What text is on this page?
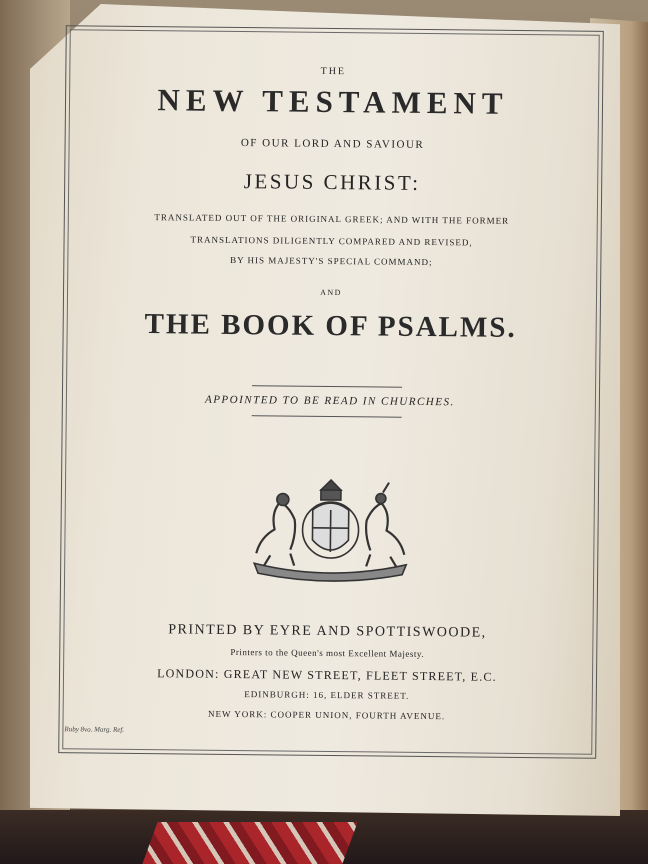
THE
NEW TESTAMENT
OF OUR LORD AND SAVIOUR
JESUS CHRIST:
TRANSLATED OUT OF THE ORIGINAL GREEK; AND WITH THE FORMER
TRANSLATIONS DILIGENTLY COMPARED AND REVISED,
BY HIS MAJESTY'S SPECIAL COMMAND;
AND
THE BOOK OF PSALMS.
APPOINTED TO BE READ IN CHURCHES.
PRINTED BY EYRE AND SPOTTISWOODE,
Printers to the Queen's most Excellent Majesty.
LONDON: GREAT NEW STREET, FLEET STREET, E.C.
EDINBURGH: 16, ELDER STREET.
NEW YORK: COOPER UNION, FOURTH AVENUE.
Ruby 8vo. Marg. Ref.
